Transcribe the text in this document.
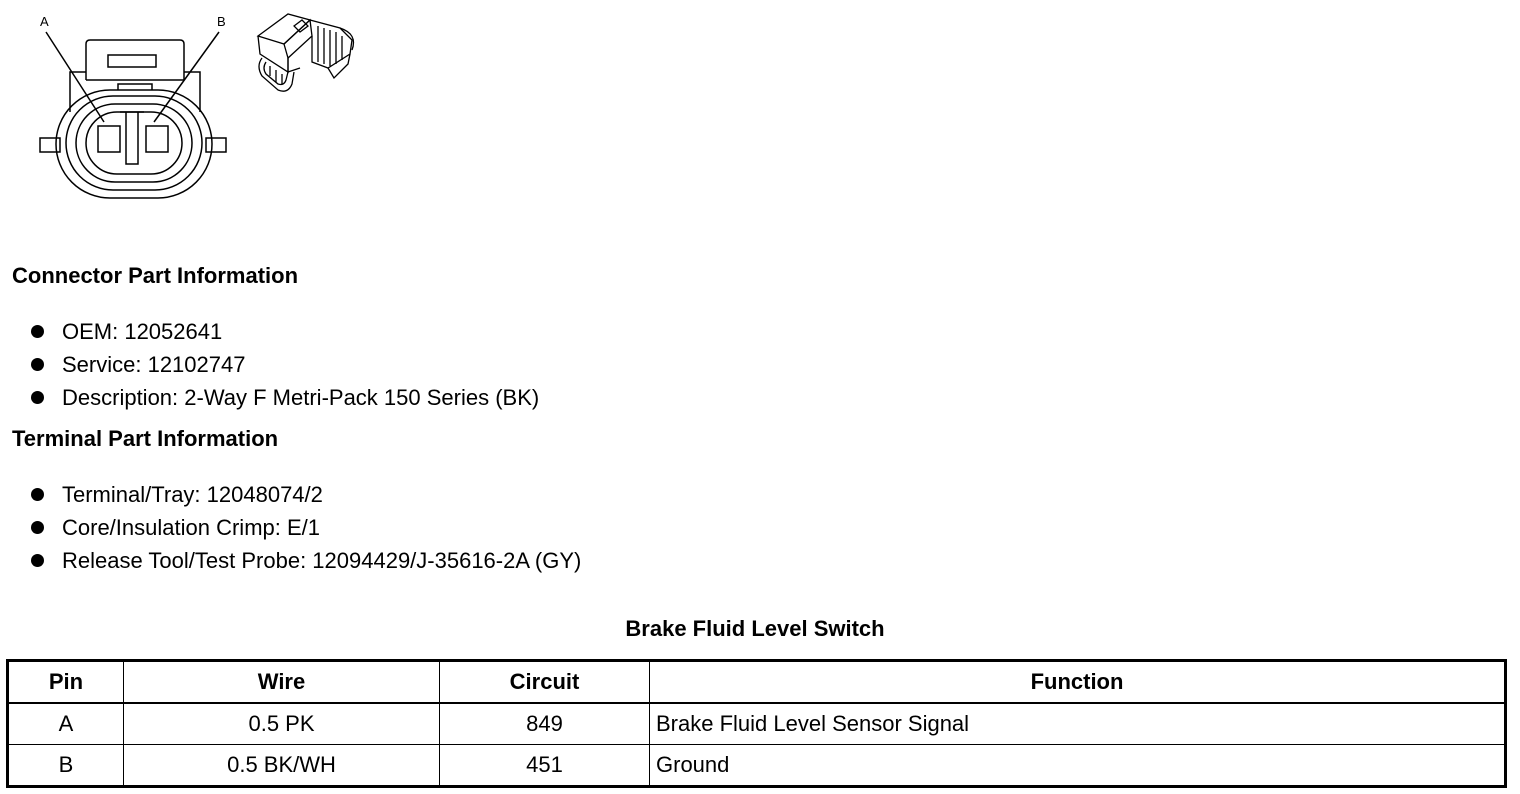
A	B
Connector Part Information
OEM: 12052641
Service: 12102747
Description: 2-Way F Metri-Pack 150 Series (BK)
Terminal Part Information
Terminal/Tray: 12048074/2
Core/Insulation Crimp: E/1
Release Tool/Test Probe: 12094429/J-35616-2A (GY)
Brake Fluid Level Switch
Pin	Wire	Circuit	Function
A	0.5 PK	849	Brake Fluid Level Sensor Signal
B	0.5 BK/WH	451	Ground
